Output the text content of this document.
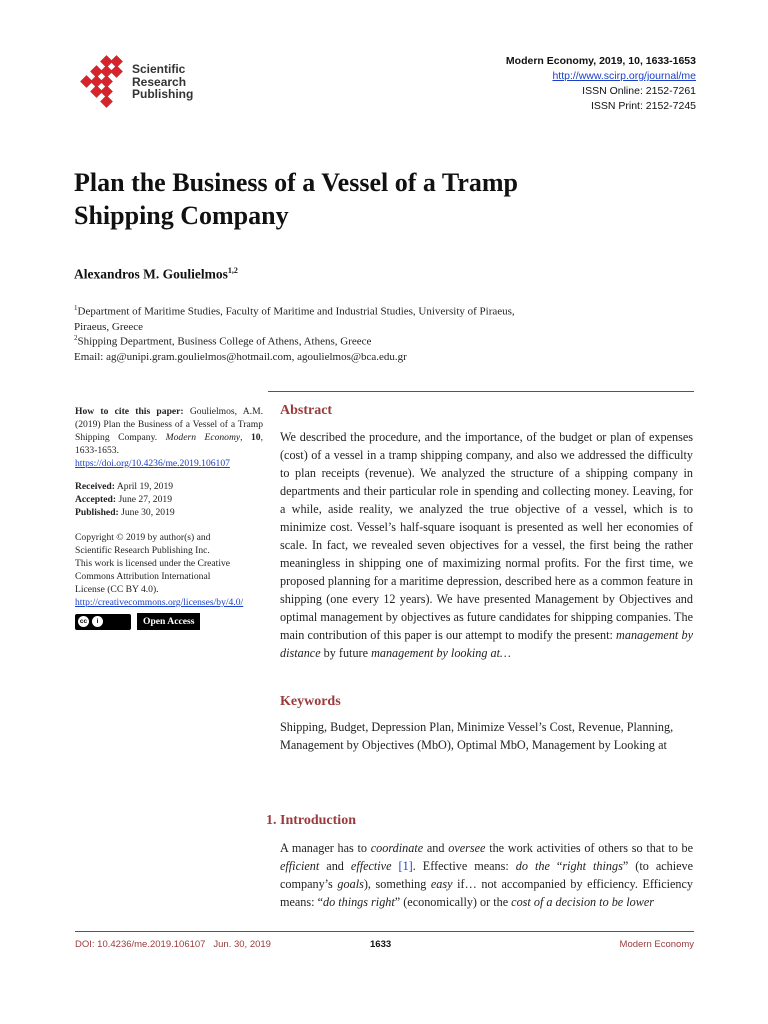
Scientific
Research
Publishing
Modern Economy, 2019, 10, 1633-1653
http://www.scirp.org/journal/me
ISSN Online: 2152-7261
ISSN Print: 2152-7245
Plan the Business of a Vessel of a Tramp
Shipping Company
Alexandros M. Goulielmos$^{1,2}$
$^1$Department of Maritime Studies, Faculty of Maritime and Industrial Studies, University of Piraeus,
Piraeus, Greece
$^2$Shipping Department, Business College of Athens, Athens, Greece
Email: ag@unipi.gram.goulielmos@hotmail.com, agoulielmos@bca.edu.gr
How to cite this paper: Goulielmos, A.M. (2019) Plan the Business of a Vessel of a Tramp Shipping Company. Modern Economy, 10, 1633-1653.
https://doi.org/10.4236/me.2019.106107
Received: April 19, 2019
Accepted: June 27, 2019
Published: June 30, 2019
Copyright © 2019 by author(s) and
Scientific Research Publishing Inc.
This work is licensed under the Creative
Commons Attribution International
License (CC BY 4.0).
http://creativecommons.org/licenses/by/4.0/
cc	i	Open Access
Abstract
We described the procedure, and the importance, of the budget or plan of expenses (cost) of a vessel in a tramp shipping company, and also we addressed the difficulty to plan receipts (revenue). We analyzed the structure of a shipping company in departments and their particular role in spending and collecting money. Leaving, for a while, aside reality, we analyzed the true objective of a vessel, which is to minimize cost. Vessel’s half-square isoquant is presented as well her economies of scale. In fact, we revealed seven objectives for a vessel, the first being the rather meaningless in shipping one of maximizing normal profits. For the first time, we proposed planning for a maritime depression, described here as a common feature in shipping (one every 12 years). We have presented Management by Objectives and optimal management by objectives as future candidates for shipping companies. The main contribution of this paper is our attempt to modify the present: management by distance by future management by looking at…
Keywords
Shipping, Budget, Depression Plan, Minimize Vessel’s Cost, Revenue, Planning, Management by Objectives (MbO), Optimal MbO, Management by Looking at
1. Introduction
A manager has to coordinate and oversee the work activities of others so that to be efficient and effective [1]. Effective means: do the “right things” (to achieve company’s goals), something easy if… not accompanied by efficiency. Efficiency means: “do things right” (economically) or the cost of a decision to be lower
DOI: 10.4236/me.2019.106107 Jun. 30, 2019	1633	Modern Economy
